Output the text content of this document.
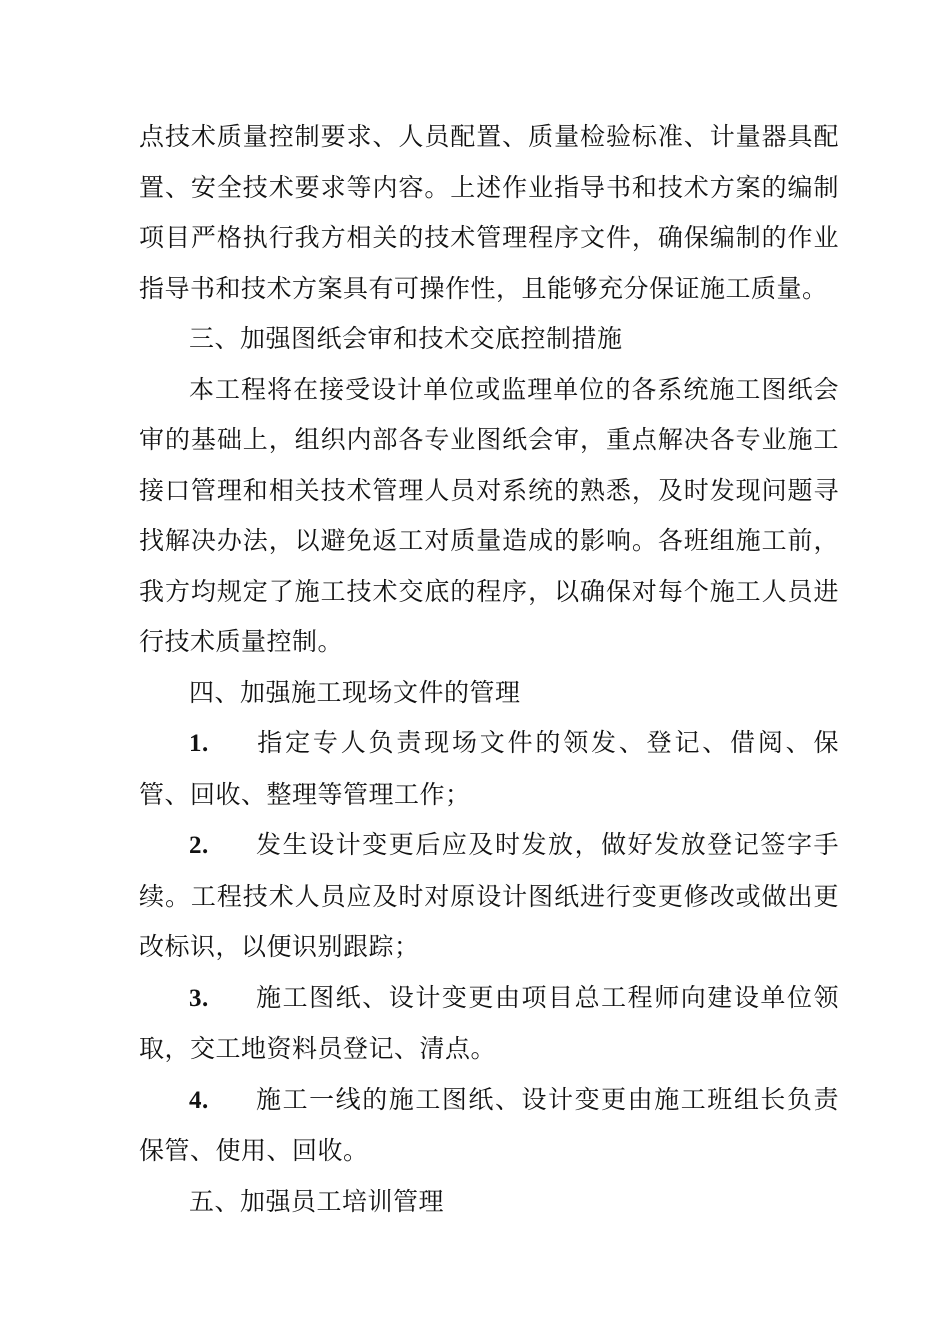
点技术质量控制要求、人员配置、质量检验标准、计量器具配置、安全技术要求等内容。上述作业指导书和技术方案的编制项目严格执行我方相关的技术管理程序文件，确保编制的作业指导书和技术方案具有可操作性，且能够充分保证施工质量。

三、加强图纸会审和技术交底控制措施

本工程将在接受设计单位或监理单位的各系统施工图纸会审的基础上，组织内部各专业图纸会审，重点解决各专业施工接口管理和相关技术管理人员对系统的熟悉，及时发现问题寻找解决办法，以避免返工对质量造成的影响。各班组施工前，我方均规定了施工技术交底的程序，以确保对每个施工人员进行技术质量控制。

四、加强施工现场文件的管理

1. 指定专人负责现场文件的领发、登记、借阅、保管、回收、整理等管理工作；

2. 发生设计变更后应及时发放，做好发放登记签字手续。工程技术人员应及时对原设计图纸进行变更修改或做出更改标识，以便识别跟踪；

3. 施工图纸、设计变更由项目总工程师向建设单位领取，交工地资料员登记、清点。

4. 施工一线的施工图纸、设计变更由施工班组长负责保管、使用、回收。

五、加强员工培训管理
